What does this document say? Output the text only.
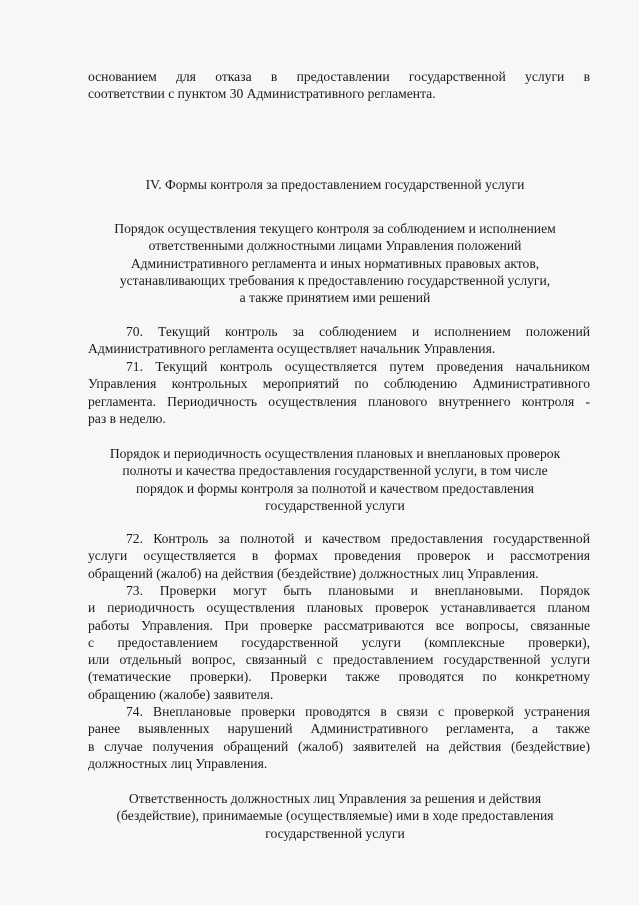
основанием для отказа в предоставлении государственной услуги в
соответствии с пунктом 30 Административного регламента.
IV. Формы контроля за предоставлением государственной услуги
Порядок осуществления текущего контроля за соблюдением и исполнением
ответственными должностными лицами Управления положений
Административного регламента и иных нормативных правовых актов,
устанавливающих требования к предоставлению государственной услуги,
а также принятием ими решений
70. Текущий контроль за соблюдением и исполнением положений
Административного регламента осуществляет начальник Управления.
71. Текущий контроль осуществляется путем проведения начальником
Управления контрольных мероприятий по соблюдению Административного
регламента. Периодичность осуществления планового внутреннего контроля -
раз в неделю.
Порядок и периодичность осуществления плановых и внеплановых проверок
полноты и качества предоставления государственной услуги, в том числе
порядок и формы контроля за полнотой и качеством предоставления
государственной услуги
72. Контроль за полнотой и качеством предоставления государственной
услуги осуществляется в формах проведения проверок и рассмотрения
обращений (жалоб) на действия (бездействие) должностных лиц Управления.
73. Проверки могут быть плановыми и внеплановыми. Порядок
и периодичность осуществления плановых проверок устанавливается планом
работы Управления. При проверке рассматриваются все вопросы, связанные
с предоставлением государственной услуги (комплексные проверки),
или отдельный вопрос, связанный с предоставлением государственной услуги
(тематические проверки). Проверки также проводятся по конкретному
обращению (жалобе) заявителя.
74. Внеплановые проверки проводятся в связи с проверкой устранения
ранее выявленных нарушений Административного регламента, а также
в случае получения обращений (жалоб) заявителей на действия (бездействие)
должностных лиц Управления.
Ответственность должностных лиц Управления за решения и действия
(бездействие), принимаемые (осуществляемые) ими в ходе предоставления
государственной услуги
